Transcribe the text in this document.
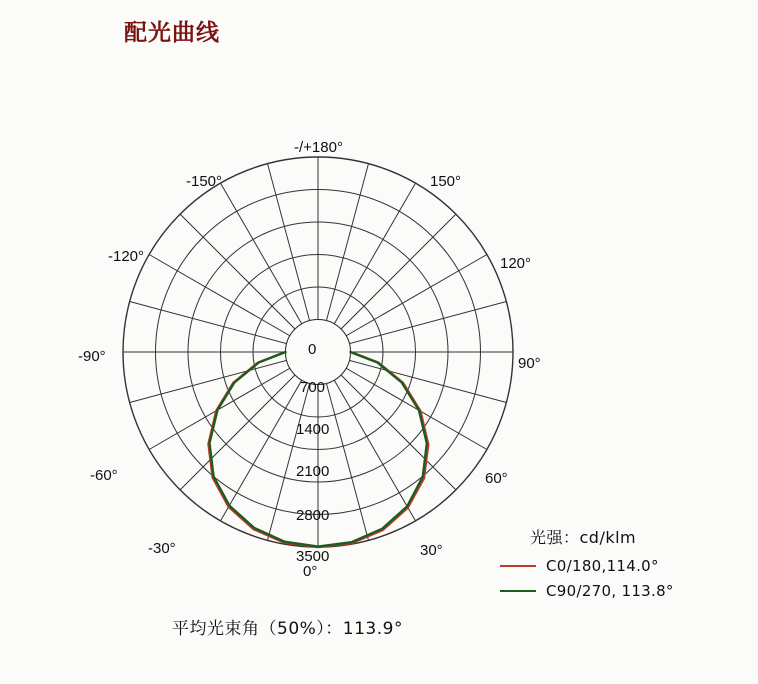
配光曲线
-/+180°
-150°	150°
-120°	120°
-90°	90°
-60°	60°
-30°	30°
0°
0
700
1400
2100
2800
3500
光强：cd/klm
C0/180,114.0°
C90/270, 113.8°
平均光束角（50%）：113.9°
